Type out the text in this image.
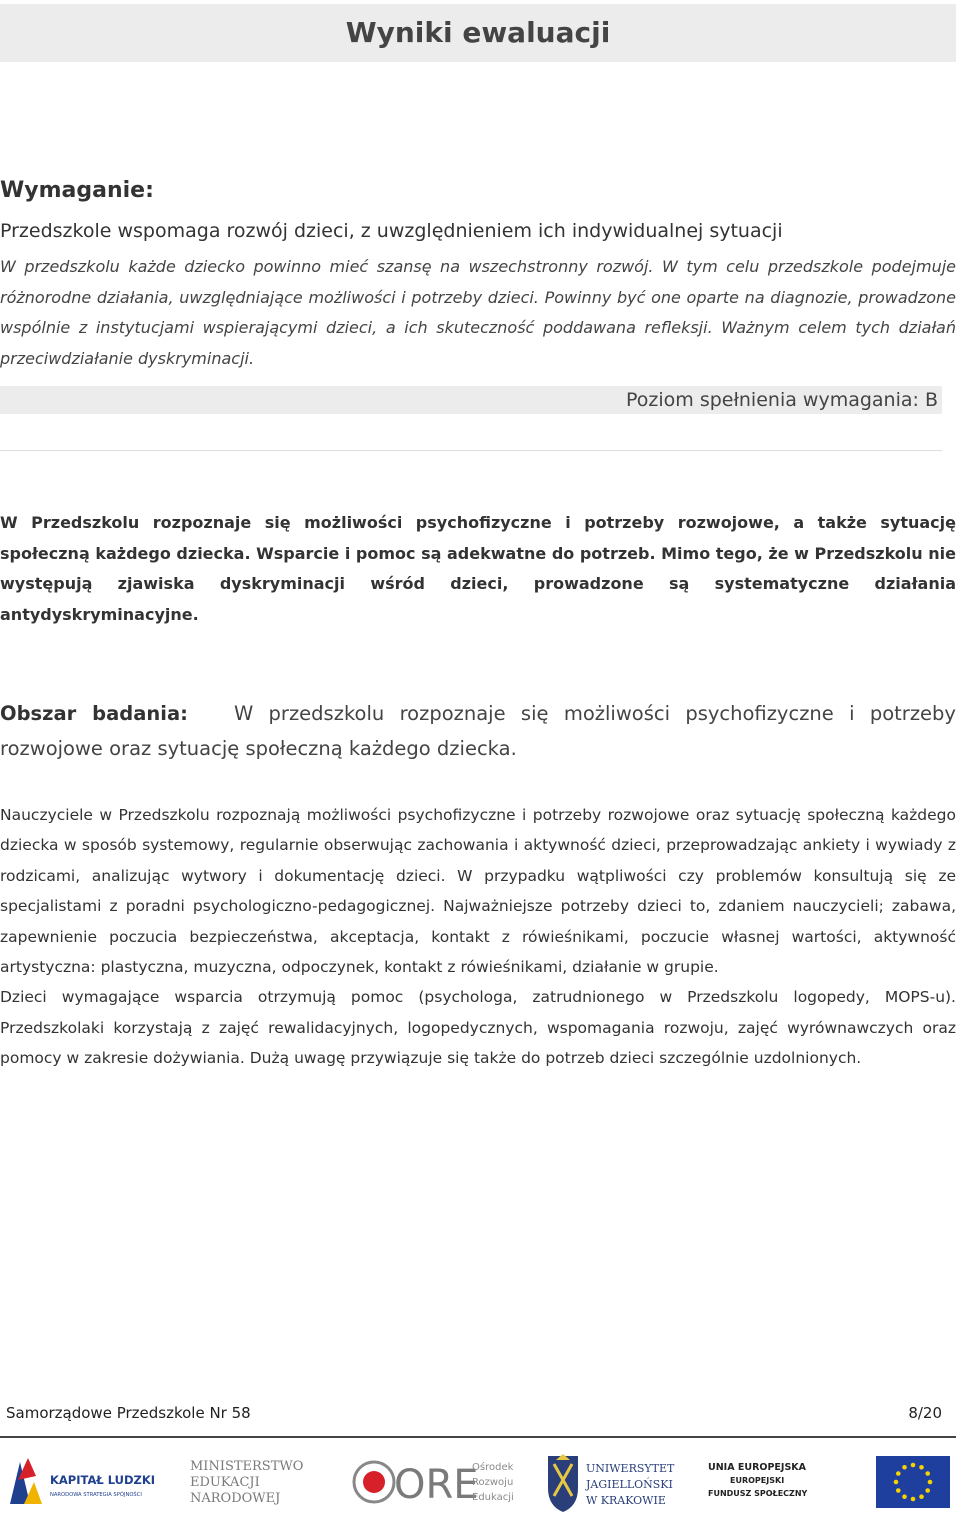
Wyniki ewaluacji
Wymaganie:

Przedszkole wspomaga rozwój dzieci, z uwzględnieniem ich indywidualnej sytuacji

W przedszkolu każde dziecko powinno mieć szansę na wszechstronny rozwój. W tym celu przedszkole podejmuje różnorodne działania, uwzględniające możliwości i potrzeby dzieci. Powinny być one oparte na diagnozie, prowadzone wspólnie z instytucjami wspierającymi dzieci, a ich skuteczność poddawana refleksji. Ważnym celem tych działań przeciwdziałanie dyskryminacji.

Poziom spełnienia wymagania: B

W Przedszkolu rozpoznaje się możliwości psychofizyczne i potrzeby rozwojowe, a także sytuację społeczną każdego dziecka. Wsparcie i pomoc są adekwatne do potrzeb. Mimo tego, że w Przedszkolu nie występują zjawiska dyskryminacji wśród dzieci, prowadzone są systematyczne działania antydyskryminacyjne.

Obszar badania: W przedszkolu rozpoznaje się możliwości psychofizyczne i potrzeby rozwojowe oraz sytuację społeczną każdego dziecka.

Nauczyciele w Przedszkolu rozpoznają możliwości psychofizyczne i potrzeby rozwojowe oraz sytuację społeczną każdego dziecka w sposób systemowy, regularnie obserwując zachowania i aktywność dzieci, przeprowadzając ankiety i wywiady z rodzicami, analizując wytwory i dokumentację dzieci. W przypadku wątpliwości czy problemów konsultują się ze specjalistami z poradni psychologiczno-pedagogicznej. Najważniejsze potrzeby dzieci to, zdaniem nauczycieli; zabawa, zapewnienie poczucia bezpieczeństwa, akceptacja, kontakt z rówieśnikami, poczucie własnej wartości, aktywność artystyczna: plastyczna, muzyczna, odpoczynek, kontakt z rówieśnikami, działanie w grupie.

Dzieci wymagające wsparcia otrzymują pomoc (psychologa, zatrudnionego w Przedszkolu logopedy, MOPS-u). Przedszkolaki korzystają z zajęć rewalidacyjnych, logopedycznych, wspomagania rozwoju, zajęć wyrównawczych oraz pomocy w zakresie dożywiania. Dużą uwagę przywiązuje się także do potrzeb dzieci szczególnie uzdolnionych.

Samorządowe Przedszkole Nr 58	8/20
KAPITAŁ LUDZKI
NARODOWA STRATEGIA SPÓJNOŚCI
MINISTERSTWO
EDUKACJI
NARODOWEJ	ORE
Ośrodek
Rozwoju
Edukacji
UNIWERSYTET
JAGIELLOŃSKI
W KRAKOWIE
UNIA EUROPEJSKA
EUROPEJSKI
FUNDUSZ SPOŁECZNY
